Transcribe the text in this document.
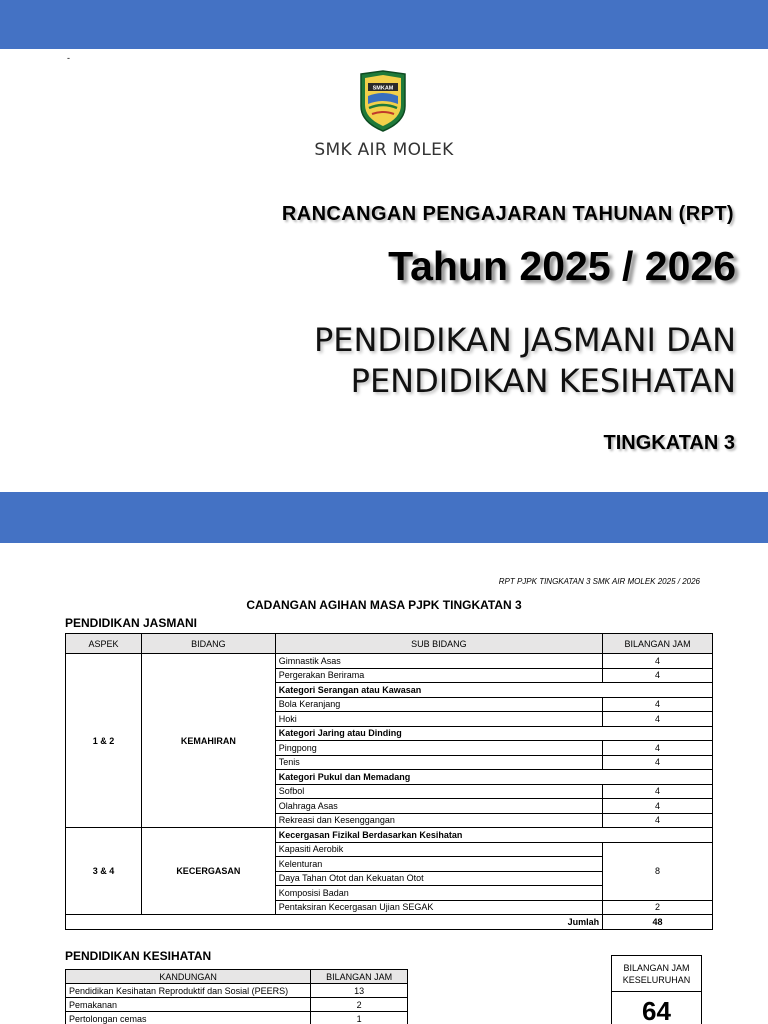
-
SMKAM
SMK AIR MOLEK
RANCANGAN PENGAJARAN TAHUNAN (RPT)
Tahun 2025 / 2026
PENDIDIKAN JASMANI DAN
PENDIDIKAN KESIHATAN
TINGKATAN 3
RPT PJPK TINGKATAN 3 SMK AIR MOLEK 2025 / 2026
CADANGAN AGIHAN MASA PJPK TINGKATAN 3
PENDIDIKAN JASMANI
ASPEK	BIDANG	SUB BIDANG	BILANGAN JAM
1 & 2	KEMAHIRAN	Gimnastik Asas	4
		Pergerakan Berirama	4
		Kategori Serangan atau Kawasan	
		Bola Keranjang	4
		Hoki	4
		Kategori Jaring atau Dinding	
		Pingpong	4
		Tenis	4
		Kategori Pukul dan Memadang	
		Sofbol	4
		Olahraga Asas	4
		Rekreasi dan Kesenggangan	4
3 & 4	KECERGASAN	Kecergasan Fizikal Berdasarkan Kesihatan	
		Kapasiti Aerobik	8
		Kelenturan	
		Daya Tahan Otot dan Kekuatan Otot	
		Komposisi Badan	
		Pentaksiran Kecergasan Ujian SEGAK	2
Jumlah			48
PENDIDIKAN KESIHATAN
KANDUNGAN	BILANGAN JAM
Pendidikan Kesihatan Reproduktif dan Sosial (PEERS)	13
Pemakanan	2
Pertolongan cemas	1
BILANGAN JAM
KESELURUHAN
64
